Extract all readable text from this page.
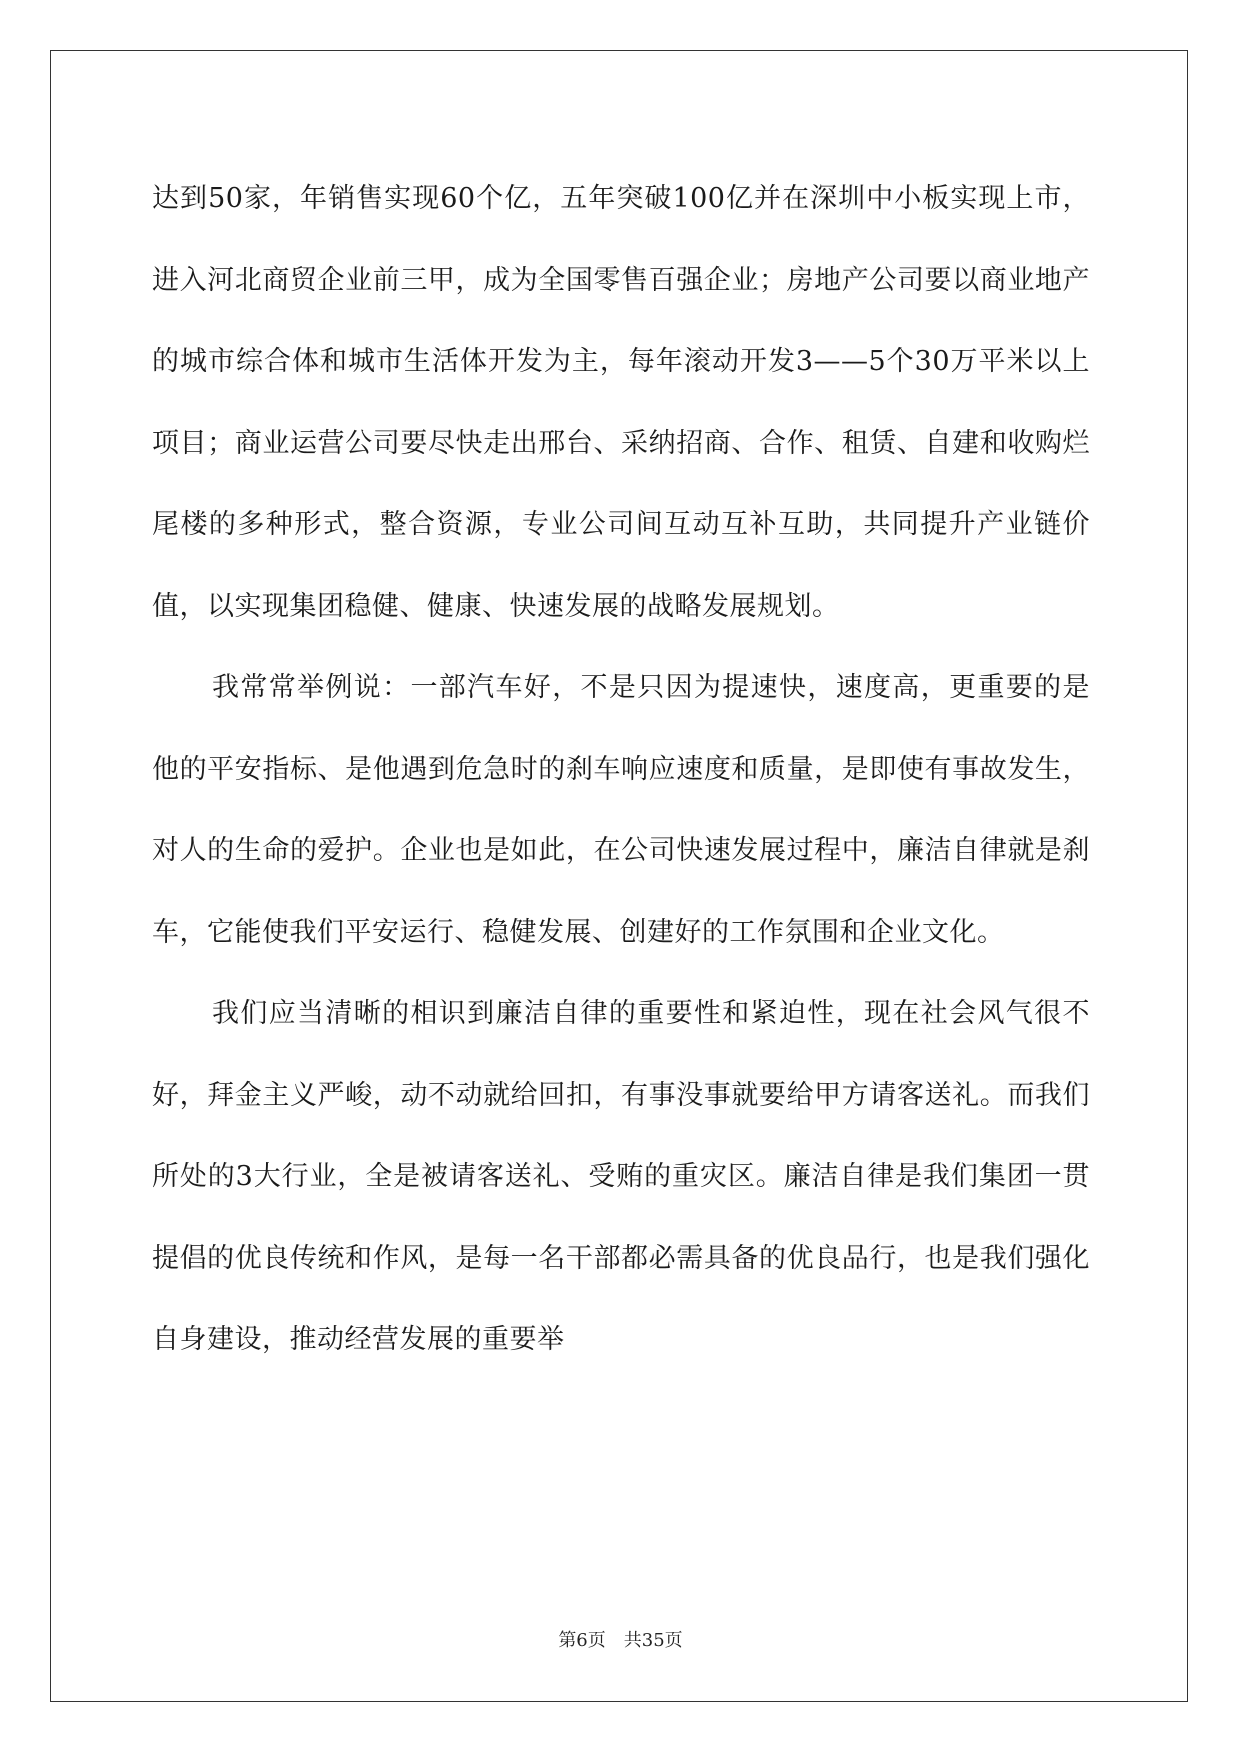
达到50家，年销售实现60个亿，五年突破100亿并在深圳中小板实现上市，进入河北商贸企业前三甲，成为全国零售百强企业；房地产公司要以商业地产的城市综合体和城市生活体开发为主，每年滚动开发3——5个30万平米以上项目；商业运营公司要尽快走出邢台、采纳招商、合作、租赁、自建和收购烂尾楼的多种形式，整合资源，专业公司间互动互补互助，共同提升产业链价值，以实现集团稳健、健康、快速发展的战略发展规划。

我常常举例说：一部汽车好，不是只因为提速快，速度高，更重要的是他的平安指标、是他遇到危急时的刹车响应速度和质量，是即使有事故发生，对人的生命的爱护。企业也是如此，在公司快速发展过程中，廉洁自律就是刹车，它能使我们平安运行、稳健发展、创建好的工作氛围和企业文化。

我们应当清晰的相识到廉洁自律的重要性和紧迫性，现在社会风气很不好，拜金主义严峻，动不动就给回扣，有事没事就要给甲方请客送礼。而我们所处的3大行业，全是被请客送礼、受贿的重灾区。廉洁自律是我们集团一贯提倡的优良传统和作风，是每一名干部都必需具备的优良品行，也是我们强化自身建设，推动经营发展的重要举

第6页 共35页
